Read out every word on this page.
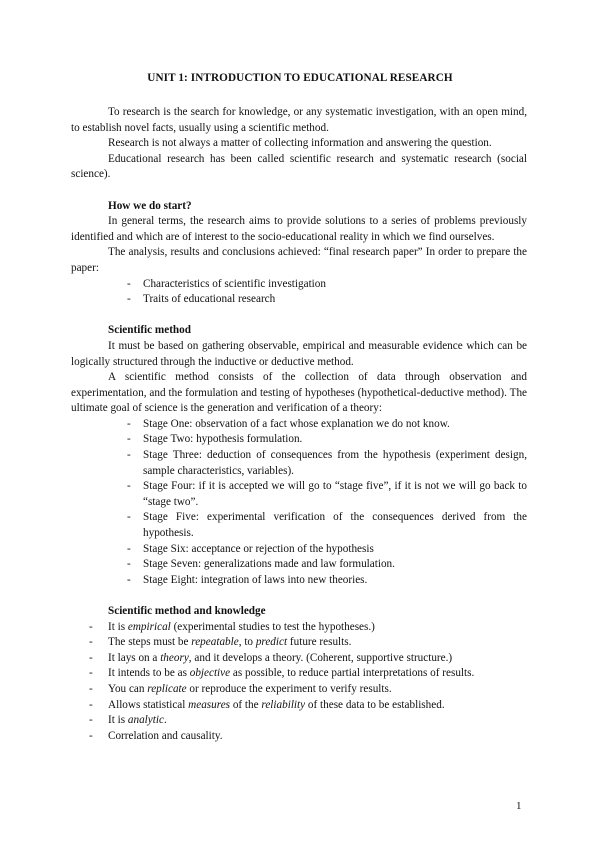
UNIT 1: INTRODUCTION TO EDUCATIONAL RESEARCH

To research is the search for knowledge, or any systematic investigation, with an open mind, to establish novel facts, usually using a scientific method.

Research is not always a matter of collecting information and answering the question.

Educational research has been called scientific research and systematic research (social science).

How we do start?

In general terms, the research aims to provide solutions to a series of problems previously identified and which are of interest to the socio-educational reality in which we find ourselves.

The analysis, results and conclusions achieved: “final research paper” In order to prepare the paper:

- Characteristics of scientific investigation
- Traits of educational research
Scientific method

It must be based on gathering observable, empirical and measurable evidence which can be logically structured through the inductive or deductive method.

A scientific method consists of the collection of data through observation and experimentation, and the formulation and testing of hypotheses (hypothetical-deductive method). The ultimate goal of science is the generation and verification of a theory:

- Stage One: observation of a fact whose explanation we do not know.
- Stage Two: hypothesis formulation.
- Stage Three: deduction of consequences from the hypothesis (experiment design, sample characteristics, variables).
- Stage Four: if it is accepted we will go to “stage five”, if it is not we will go back to “stage two”.
- Stage Five: experimental verification of the consequences derived from the hypothesis.
- Stage Six: acceptance or rejection of the hypothesis
- Stage Seven: generalizations made and law formulation.
- Stage Eight: integration of laws into new theories.
Scientific method and knowledge
- It is empirical (experimental studies to test the hypotheses.)
- The steps must be repeatable, to predict future results.
- It lays on a theory, and it develops a theory. (Coherent, supportive structure.)
- It intends to be as objective as possible, to reduce partial interpretations of results.
- You can replicate or reproduce the experiment to verify results.
- Allows statistical measures of the reliability of these data to be established.
- It is analytic.
- Correlation and causality.
1
